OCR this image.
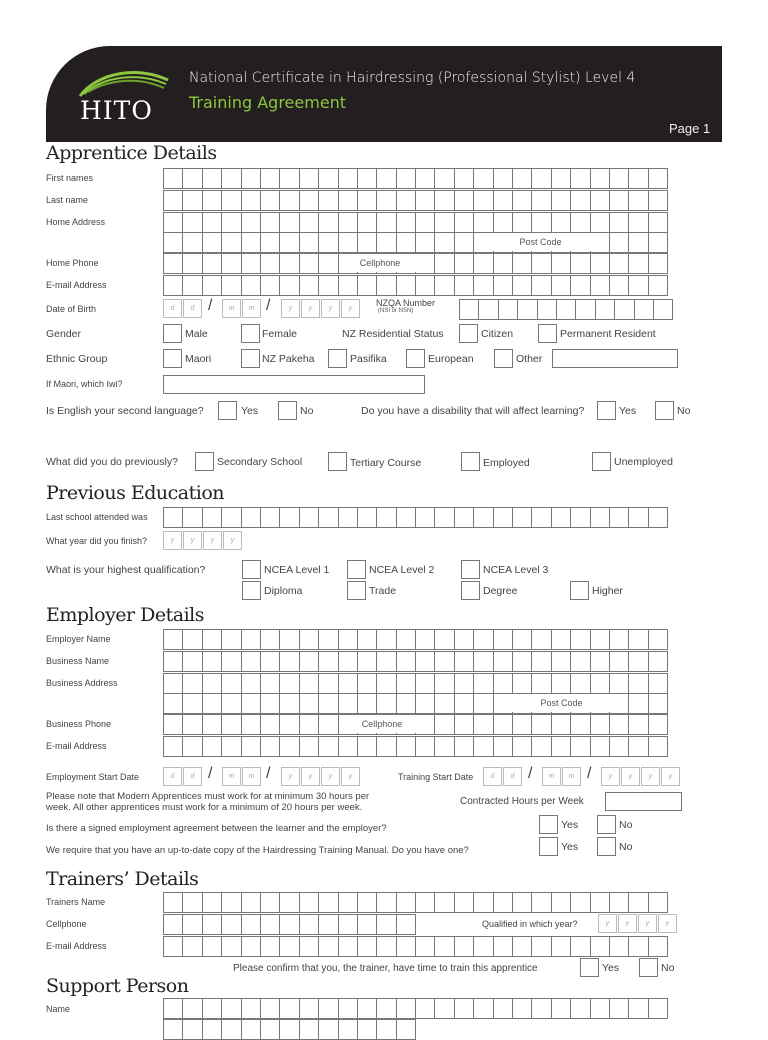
HITO
National Certificate in Hairdressing (Professional Stylist) Level 4
Training Agreement
Page 1
Apprentice Details
First names
Last name
Home Address
Post Code
Home Phone	Cellphone
E-mail Address
Date of Birth	d	d /	m	m /	y	y	y	y
NZQA Number
(NSI or NSN)
Gender	Male	Female	NZ Residential Status	Citizen	Permanent Resident
Ethnic Group	Maori	NZ Pakeha	Pasifika	European	Other
If Maori, which Iwi?
Is English your second language?	Yes	No	Do you have a disability that will affect learning?	Yes	No
What did you do previously?	Secondary School	Tertiary Course	Employed	Unemployed
Previous Education
Last school attended was
What year did you finish?	y	y	y	y
What is your highest qualification?	NCEA Level 1	NCEA Level 2	NCEA Level 3
Diploma	Trade	Degree	Higher
Employer Details
Employer Name
Business Name
Business Address
Post Code
Business Phone	Cellphone
E-mail Address
Employment Start Date	d	d /	m	m /	y	y	y	y	Training Start Date	d	d /	m	m /	y	y	y	y
Please note that Modern Apprentices must work for at minimum 30 hours per
week. All other apprentices must work for a minimum of 20 hours per week.
Contracted Hours per Week
Is there a signed employment agreement between the learner and the employer?	Yes	No
We require that you have an up-to-date copy of the Hairdressing Training Manual. Do you have one?	Yes	No
Trainers’ Details
Trainers Name
Cellphone	Qualified in which year?	y	y	y	y
E-mail Address
Please confirm that you, the trainer, have time to train this apprentice	Yes	No
Support Person
Name
